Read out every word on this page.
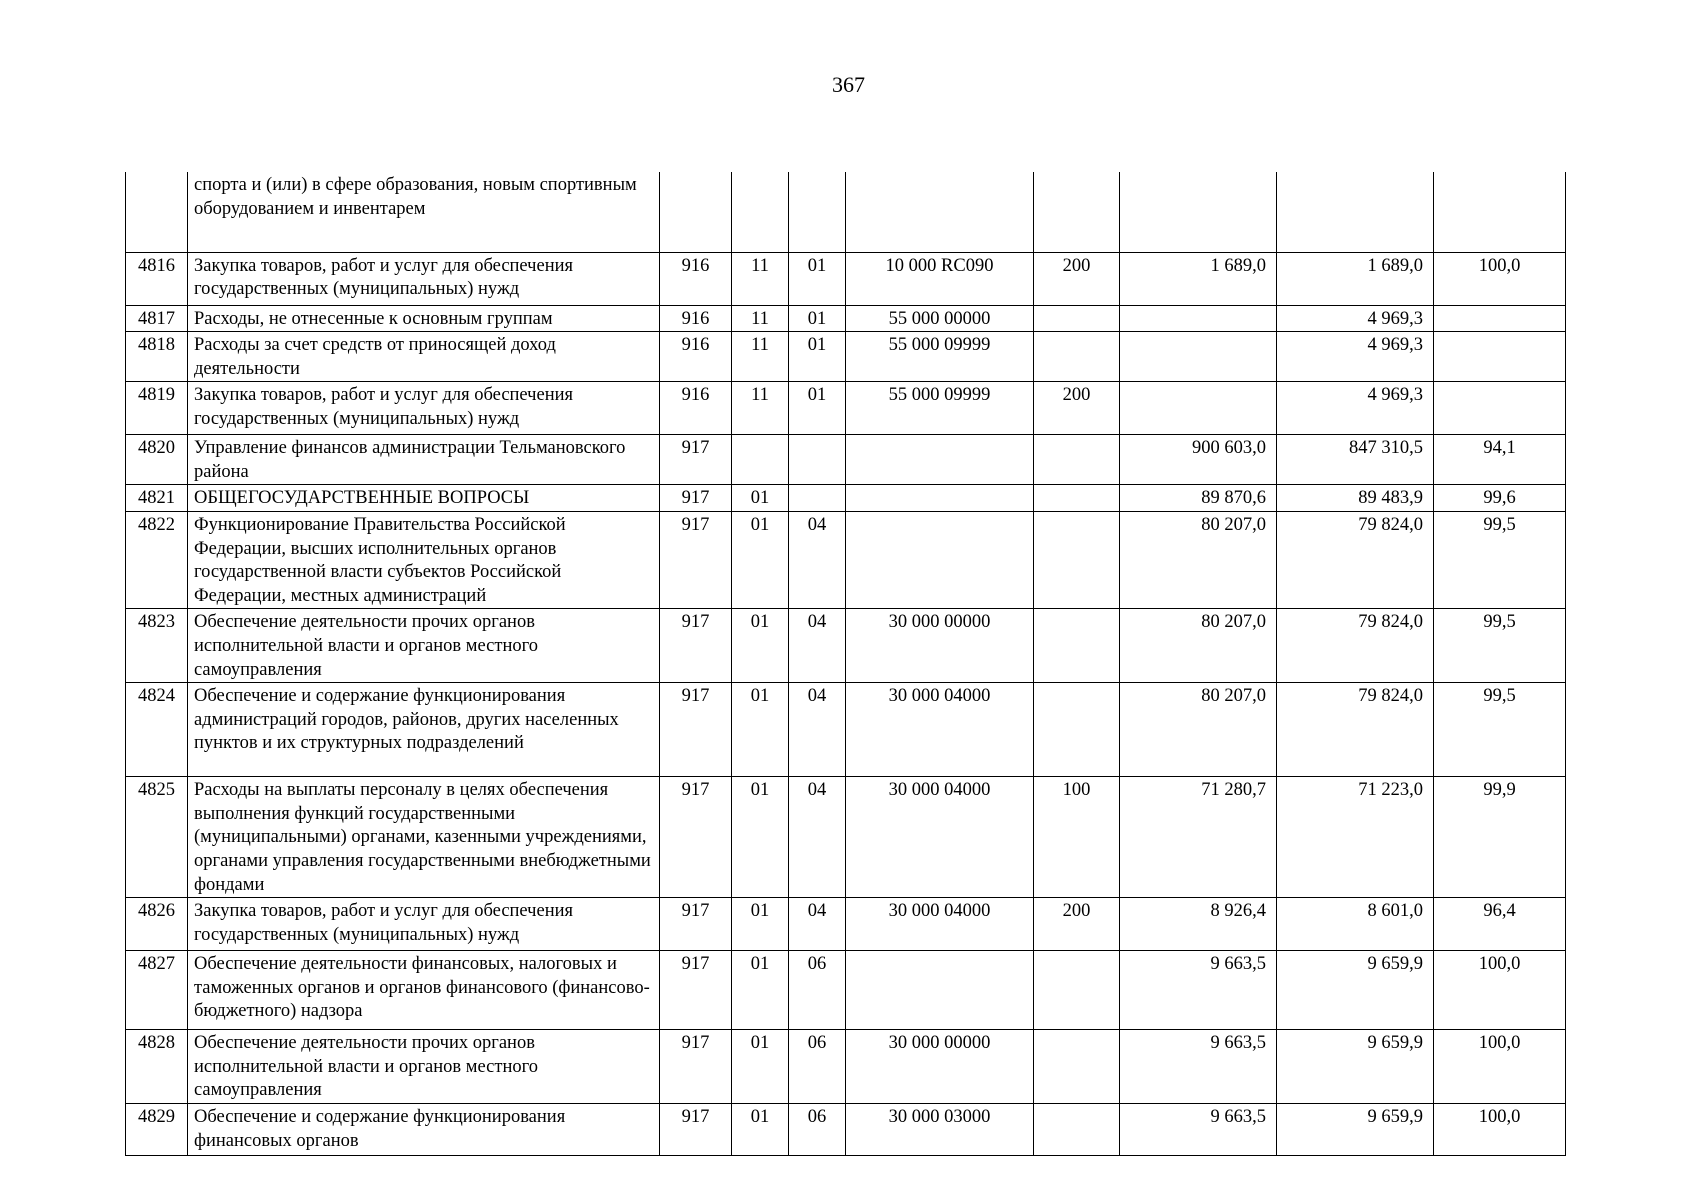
367
	спорта и (или) в сфере образования, новым спортивным оборудованием и инвентарем								
4816	Закупка товаров, работ и услуг для обеспечения государственных (муниципальных) нужд	916	11	01	10 000 RC090	200	1 689,0	1 689,0	100,0
4817	Расходы, не отнесенные к основным группам	916	11	01	55 000 00000			4 969,3	
4818	Расходы за счет средств от приносящей доход деятельности	916	11	01	55 000 09999			4 969,3	
4819	Закупка товаров, работ и услуг для обеспечения государственных (муниципальных) нужд	916	11	01	55 000 09999	200		4 969,3	
4820	Управление финансов администрации Тельмановского района	917					900 603,0	847 310,5	94,1
4821	ОБЩЕГОСУДАРСТВЕННЫЕ ВОПРОСЫ	917	01				89 870,6	89 483,9	99,6
4822	Функционирование Правительства Российской Федерации, высших исполнительных органов государственной власти субъектов Российской Федерации, местных администраций	917	01	04			80 207,0	79 824,0	99,5
4823	Обеспечение деятельности прочих органов исполнительной власти и органов местного самоуправления	917	01	04	30 000 00000		80 207,0	79 824,0	99,5
4824	Обеспечение и содержание функционирования администраций городов, районов, других населенных пунктов и их структурных подразделений	917	01	04	30 000 04000		80 207,0	79 824,0	99,5
4825	Расходы на выплаты персоналу в целях обеспечения выполнения функций государственными (муниципальными) органами, казенными учреждениями, органами управления государственными внебюджетными фондами	917	01	04	30 000 04000	100	71 280,7	71 223,0	99,9
4826	Закупка товаров, работ и услуг для обеспечения государственных (муниципальных) нужд	917	01	04	30 000 04000	200	8 926,4	8 601,0	96,4
4827	Обеспечение деятельности финансовых, налоговых и таможенных органов и органов финансового (финансово-бюджетного) надзора	917	01	06			9 663,5	9 659,9	100,0
4828	Обеспечение деятельности прочих органов исполнительной власти и органов местного самоуправления	917	01	06	30 000 00000		9 663,5	9 659,9	100,0
4829	Обеспечение и содержание функционирования финансовых органов	917	01	06	30 000 03000		9 663,5	9 659,9	100,0
